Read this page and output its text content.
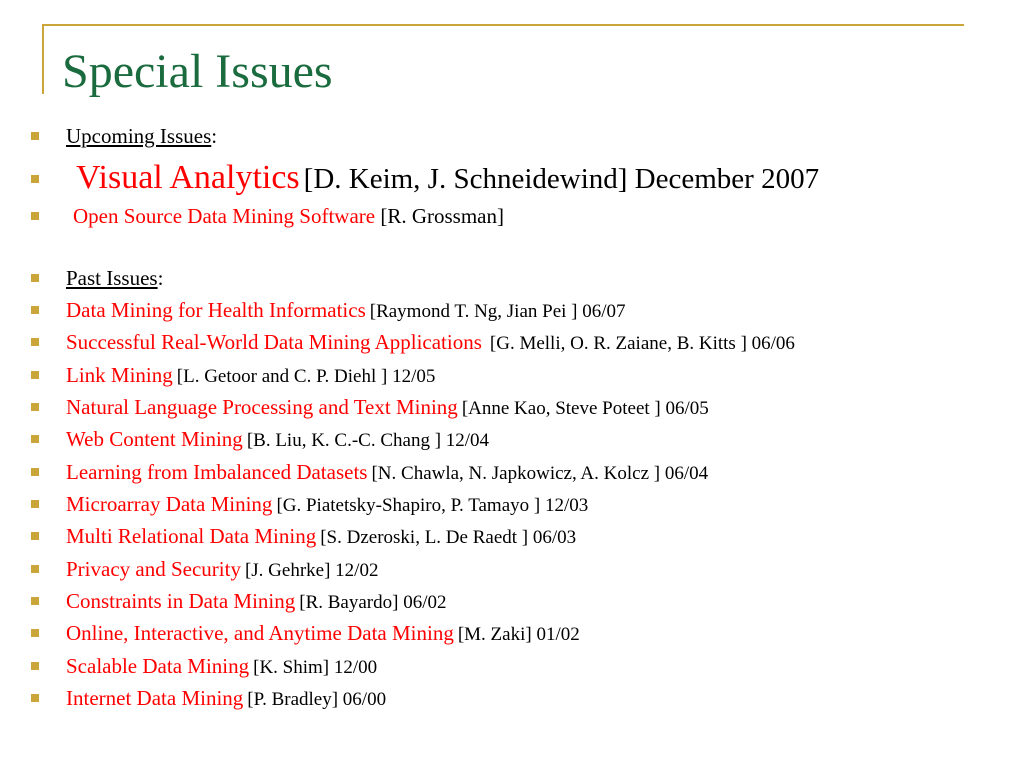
Special Issues
Upcoming Issues:
Visual Analytics [D. Keim, J. Schneidewind] December 2007
Open Source Data Mining Software [R. Grossman]
Past Issues:
Data Mining for Health Informatics [Raymond T. Ng, Jian Pei ] 06/07
Successful Real-World Data Mining Applications [G. Melli, O. R. Zaiane, B. Kitts ] 06/06
Link Mining [L. Getoor and C. P. Diehl ] 12/05
Natural Language Processing and Text Mining [Anne Kao, Steve Poteet ] 06/05
Web Content Mining [B. Liu, K. C.-C. Chang ] 12/04
Learning from Imbalanced Datasets [N. Chawla, N. Japkowicz, A. Kolcz ] 06/04
Microarray Data Mining [G. Piatetsky-Shapiro, P. Tamayo ] 12/03
Multi Relational Data Mining [S. Dzeroski, L. De Raedt ] 06/03
Privacy and Security [J. Gehrke] 12/02
Constraints in Data Mining [R. Bayardo] 06/02
Online, Interactive, and Anytime Data Mining [M. Zaki] 01/02
Scalable Data Mining [K. Shim] 12/00
Internet Data Mining [P. Bradley] 06/00
